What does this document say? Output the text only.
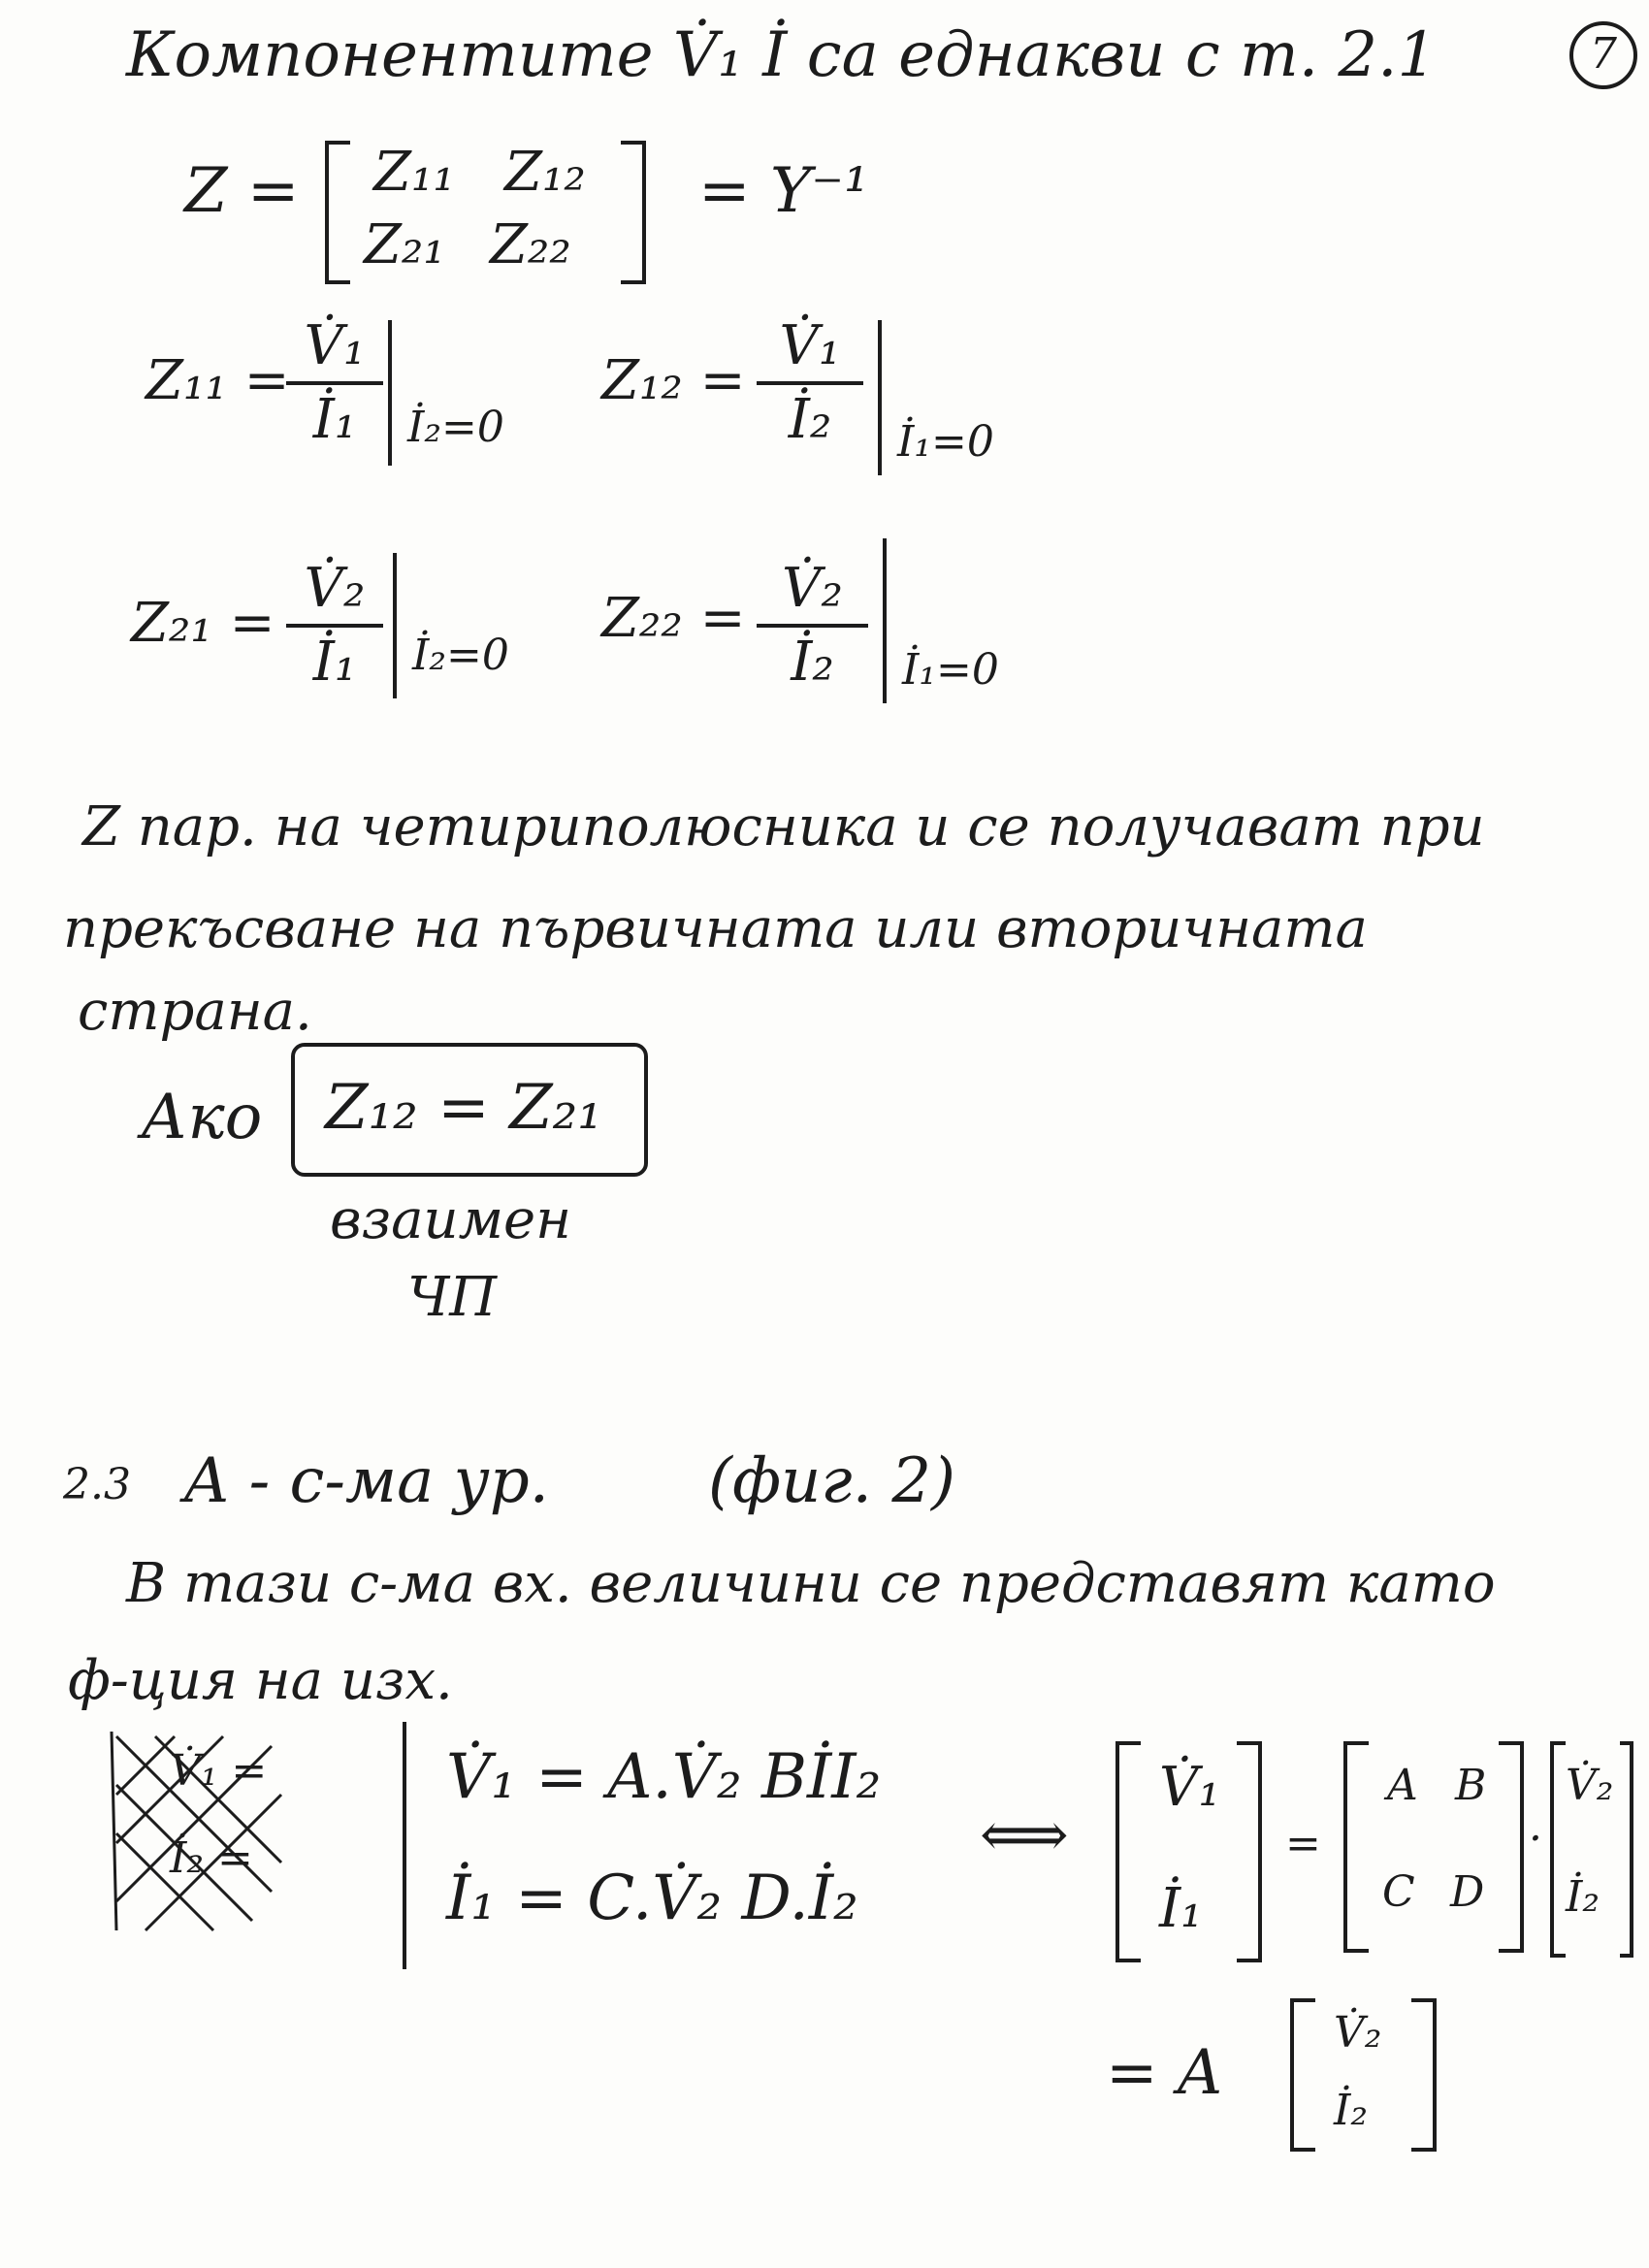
Компонентите V̇₁ İ са еднакви с т. 2.1	7
Z = Z₁₁ Z₁₂
Z₂₁ Z₂₂
= Y⁻¹
Z₁₁ =
V̇₁
İ₁	İ₂=0
Z₁₂ =
V̇₁
İ₂	İ₁=0
Z₂₁ =
V̇₂
İ₁	İ₂=0
Z₂₂ = V̇₂
İ₂	İ₁=0
Z пар. на четириполюсника и се получават при
прекъсване на първичната или вторичната
страна.
Ако Z₁₂ = Z₂₁
взаимен
ЧП
2.3 A - с-ма ур.	(фиг. 2)
В тази с-ма вх. величини се представят като
ф-ция на изх.
V̇₁ =
İ₂ =
V̇₁ = A.V̇₂ BİI₂
İ₁ = C.V̇₂ D.İ₂
⟺
V̇₁
İ₁
=
A B
C D
·
V̇₂
İ₂
= A
V̇₂
İ₂
